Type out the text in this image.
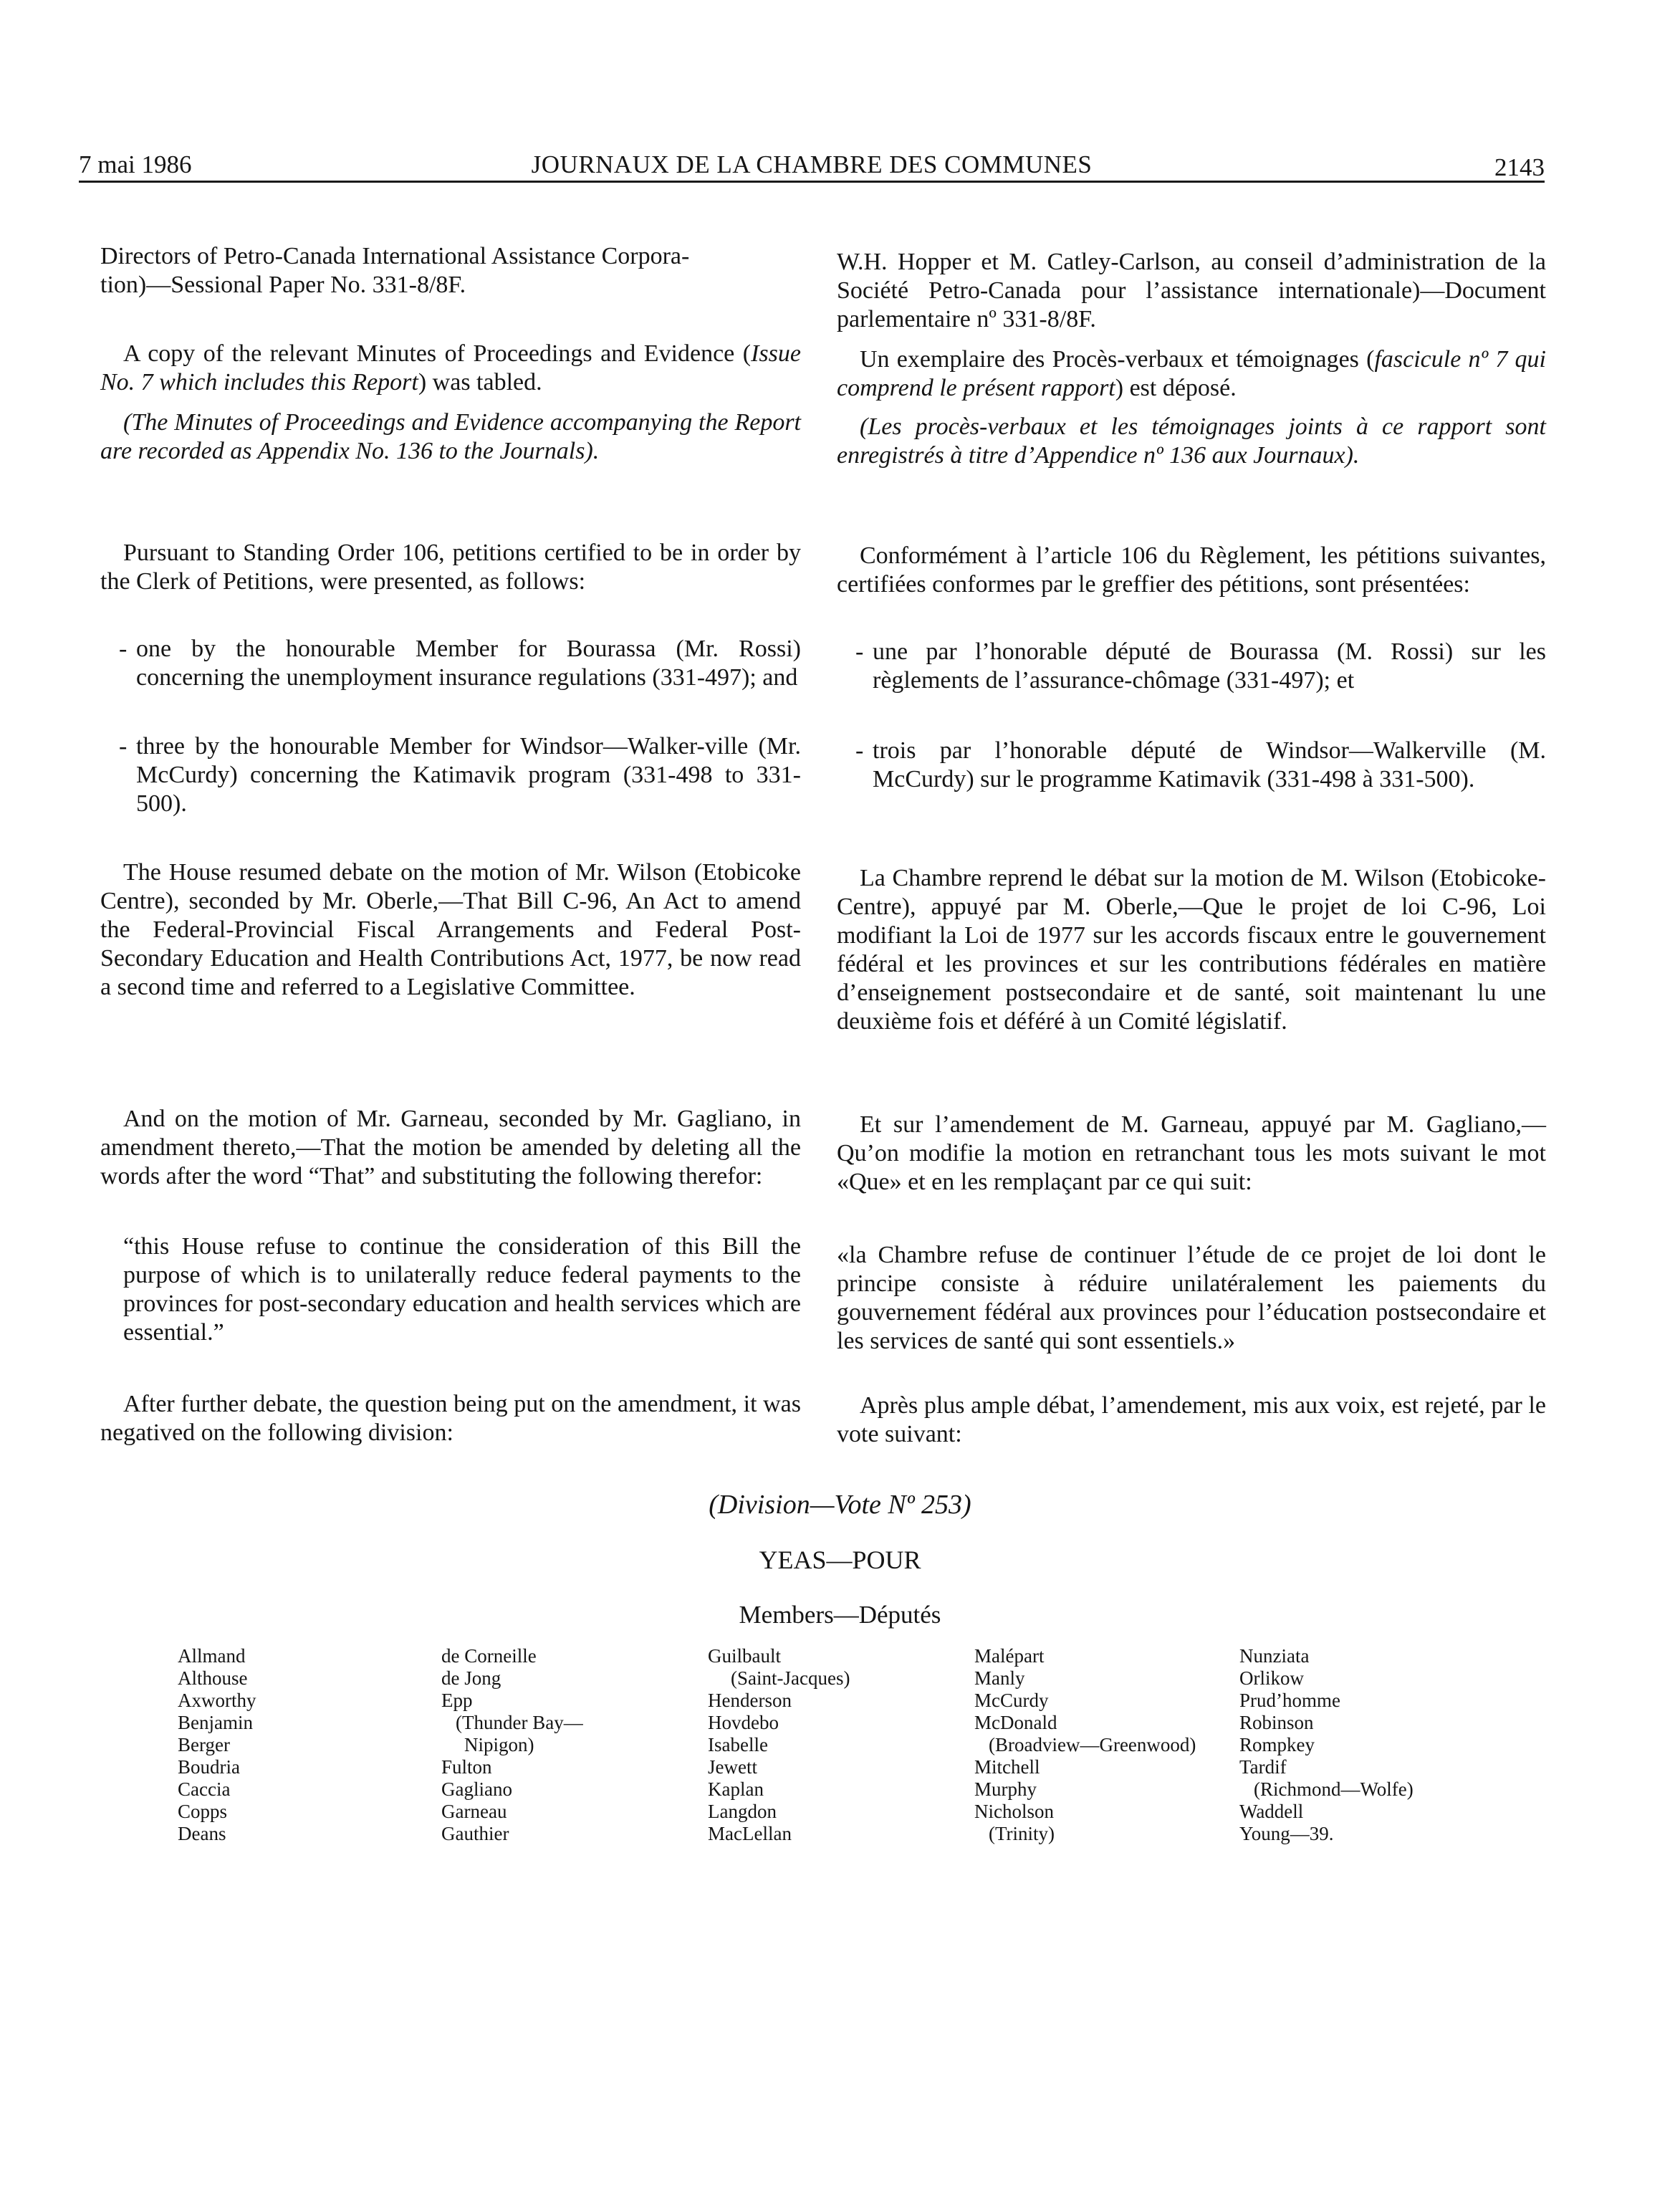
7 mai 1986	JOURNAUX DE LA CHAMBRE DES COMMUNES	2143
Directors of Petro-Canada International Assistance Corpora-
tion)—Sessional Paper No. 331-8/8F.

A copy of the relevant Minutes of Proceedings and Evidence (Issue No. 7 which includes this Report) was tabled.

(The Minutes of Proceedings and Evidence accompanying the Report are recorded as Appendix No. 136 to the Journals).

Pursuant to Standing Order 106, petitions certified to be in order by the Clerk of Petitions, were presented, as follows:

- one by the honourable Member for Bourassa (Mr. Rossi) concerning the unemployment insurance regulations (331-497); and
- three by the honourable Member for Windsor—Walker-ville (Mr. McCurdy) concerning the Katimavik program (331-498 to 331-500).

The House resumed debate on the motion of Mr. Wilson (Etobicoke Centre), seconded by Mr. Oberle,—That Bill C-96, An Act to amend the Federal-Provincial Fiscal Arrangements and Federal Post-Secondary Education and Health Contributions Act, 1977, be now read a second time and referred to a Legislative Committee.

And on the motion of Mr. Garneau, seconded by Mr. Gagliano, in amendment thereto,—That the motion be amended by deleting all the words after the word “That” and substituting the following therefor:

“this House refuse to continue the consideration of this Bill the purpose of which is to unilaterally reduce federal payments to the provinces for post-secondary education and health services which are essential.”

After further debate, the question being put on the amendment, it was negatived on the following division:

W.H. Hopper et M. Catley-Carlson, au conseil d’administration de la Société Petro-Canada pour l’assistance internationale)—Document parlementaire nº 331-8/8F.

Un exemplaire des Procès-verbaux et témoignages (fascicule nº 7 qui comprend le présent rapport) est déposé.

(Les procès-verbaux et les témoignages joints à ce rapport sont enregistrés à titre d’Appendice nº 136 aux Journaux).

Conformément à l’article 106 du Règlement, les pétitions suivantes, certifiées conformes par le greffier des pétitions, sont présentées:

- une par l’honorable député de Bourassa (M. Rossi) sur les règlements de l’assurance-chômage (331-497); et
- trois par l’honorable député de Windsor—Walkerville (M. McCurdy) sur le programme Katimavik (331-498 à 331-500).

La Chambre reprend le débat sur la motion de M. Wilson (Etobicoke-Centre), appuyé par M. Oberle,—Que le projet de loi C-96, Loi modifiant la Loi de 1977 sur les accords fiscaux entre le gouvernement fédéral et les provinces et sur les contributions fédérales en matière d’enseignement postsecondaire et de santé, soit maintenant lu une deuxième fois et déféré à un Comité législatif.

Et sur l’amendement de M. Garneau, appuyé par M. Gagliano,—Qu’on modifie la motion en retranchant tous les mots suivant le mot «Que» et en les remplaçant par ce qui suit:

«la Chambre refuse de continuer l’étude de ce projet de loi dont le principe consiste à réduire unilatéralement les paiements du gouvernement fédéral aux provinces pour l’éducation postsecondaire et les services de santé qui sont essentiels.»

Après plus ample débat, l’amendement, mis aux voix, est rejeté, par le vote suivant:

(Division—Vote Nº 253)
YEAS—POUR
Members—Députés
Allmand
Althouse
Axworthy
Benjamin
Berger
Boudria
Caccia
Copps
Deans
de Corneille
de Jong
Epp
(Thunder Bay—
Nipigon)
Fulton
Gagliano
Garneau
Gauthier
Guilbault
(Saint-Jacques)
Henderson
Hovdebo
Isabelle
Jewett
Kaplan
Langdon
MacLellan
Malépart
Manly
McCurdy
McDonald
(Broadview—Greenwood)
Mitchell
Murphy
Nicholson
(Trinity)
Nunziata
Orlikow
Prud’homme
Robinson
Rompkey
Tardif
(Richmond—Wolfe)
Waddell
Young—39.
